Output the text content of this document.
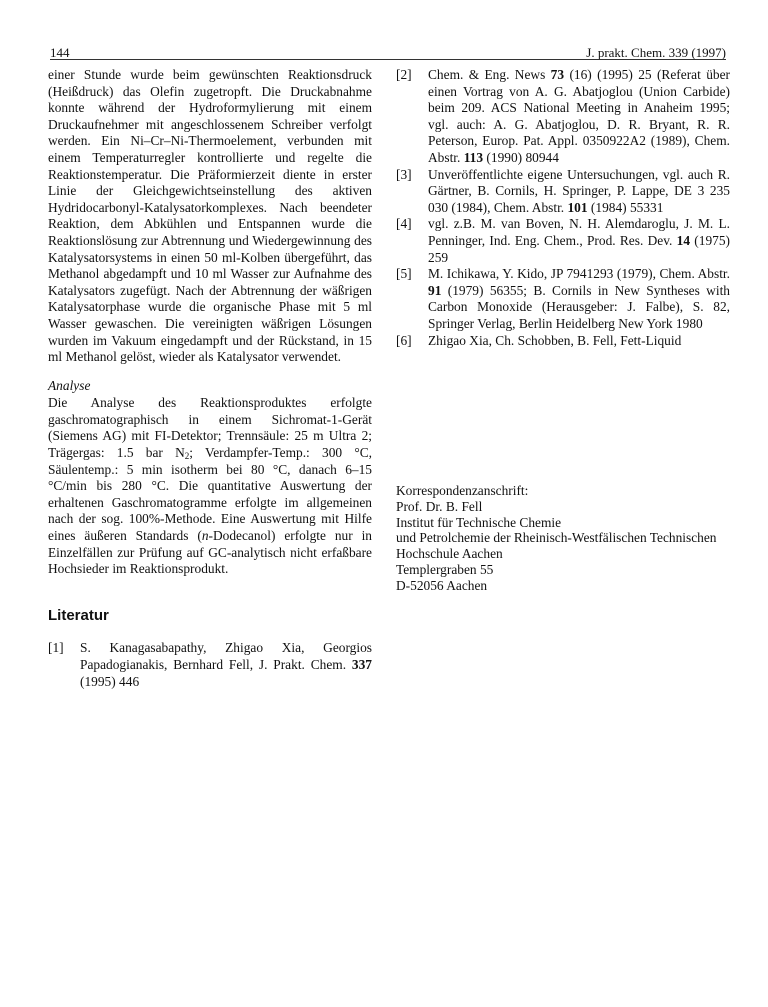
144	J. prakt. Chem. 339 (1997)

einer Stunde wurde beim gewünschten Reaktionsdruck (Heißdruck) das Olefin zugetropft. Die Druckabnahme konnte während der Hydroformylierung mit einem Druckaufnehmer mit angeschlossenem Schreiber verfolgt werden. Ein Ni–Cr–Ni-Thermoelement, verbunden mit einem Temperaturregler kontrollierte und regelte die Reaktionstemperatur. Die Präformierzeit diente in erster Linie der Gleichgewichtseinstellung des aktiven Hydridocarbonyl-Katalysatorkomplexes. Nach beendeter Reaktion, dem Abkühlen und Entspannen wurde die Reaktionslösung zur Abtrennung und Wiedergewinnung des Katalysatorsystems in einen 50 ml-Kolben übergeführt, das Methanol abgedampft und 10 ml Wasser zur Aufnahme des Katalysators zugefügt. Nach der Abtrennung der wäßrigen Katalysatorphase wurde die organische Phase mit 5 ml Wasser gewaschen. Die vereinigten wäßrigen Lösungen wurden im Vakuum eingedampft und der Rückstand, in 15 ml Methanol gelöst, wieder als Katalysator verwendet.

Analyse

Die Analyse des Reaktionsproduktes erfolgte gaschromatographisch in einem Sichromat-1-Gerät (Siemens AG) mit FI-Detektor; Trennsäule: 25 m Ultra 2; Trägergas: 1.5 bar $N_2$; Verdampfer-Temp.: 300 °C, Säulentemp.: 5 min isotherm bei 80 °C, danach 6–15 °C/min bis 280 °C. Die quantitative Auswertung der erhaltenen Gaschromatogramme erfolgte im allgemeinen nach der sog. 100%-Methode. Eine Auswertung mit Hilfe eines äußeren Standards (n-Dodecanol) erfolgte nur in Einzelfällen zur Prüfung auf GC-analytisch nicht erfaßbare Hochsieder im Reaktionsprodukt.

Literatur

[1]	S. Kanagasabapathy, Zhigao Xia, Georgios Papadogianakis, Bernhard Fell, J. Prakt. Chem. 337 (1995) 446

[2]	Chem. & Eng. News 73 (16) (1995) 25 (Referat über einen Vortrag von A. G. Abatjoglou (Union Carbide) beim 209. ACS National Meeting in Anaheim 1995; vgl. auch: A. G. Abatjoglou, D. R. Bryant, R. R. Peterson, Europ. Pat. Appl. 0350922A2 (1989), Chem. Abstr. 113 (1990) 80944

[3]	Unveröffentlichte eigene Untersuchungen, vgl. auch R. Gärtner, B. Cornils, H. Springer, P. Lappe, DE 3 235 030 (1984), Chem. Abstr. 101 (1984) 55331

[4]	vgl. z.B. M. van Boven, N. H. Alemdaroglu, J. M. L. Penninger, Ind. Eng. Chem., Prod. Res. Dev. 14 (1975) 259

[5]	M. Ichikawa, Y. Kido, JP 7941293 (1979), Chem. Abstr. 91 (1979) 56355; B. Cornils in New Syntheses with Carbon Monoxide (Herausgeber: J. Falbe), S. 82, Springer Verlag, Berlin Heidelberg New York 1980

[6]	Zhigao Xia, Ch. Schobben, B. Fell, Fett-Liquid

Korrespondenzanschrift:
Prof. Dr. B. Fell
Institut für Technische Chemie
und Petrolchemie der Rheinisch-Westfälischen Technischen
Hochschule Aachen
Templergraben 55
D-52056 Aachen
